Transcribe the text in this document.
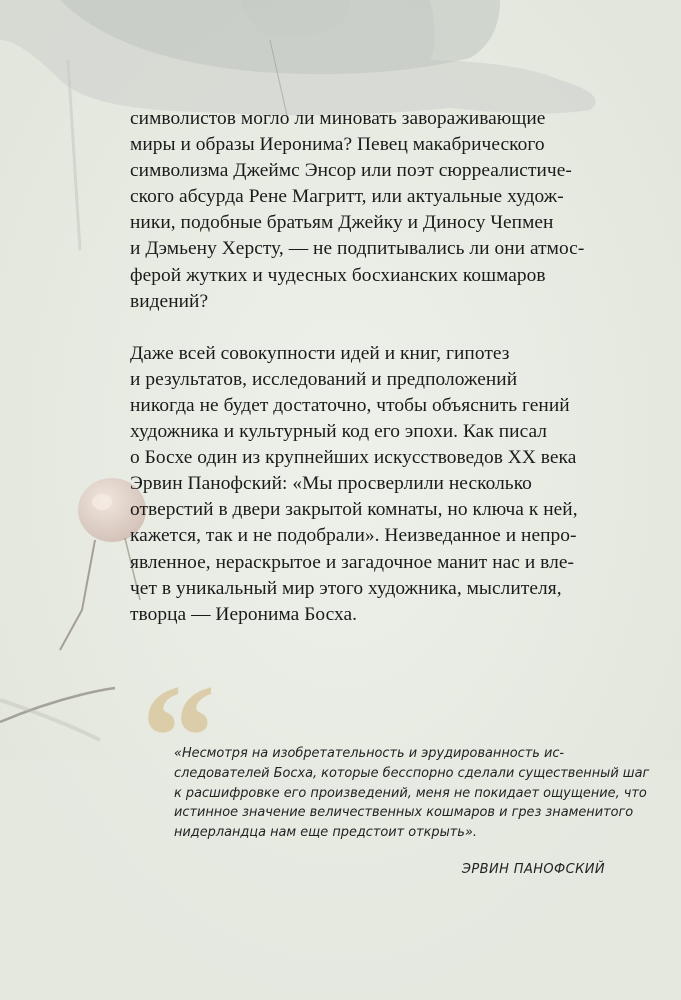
символистов могло ли миновать завораживающие
миры и образы Иеронима? Певец макабрического
символизма Джеймс Энсор или поэт сюрреалистиче-
ского абсурда Рене Магритт, или актуальные худож-
ники, подобные братьям Джейку и Диносу Чепмен
и Дэмьену Херсту, — не подпитывались ли они атмос-
ферой жутких и чудесных босхианских кошмаров
видений?

Даже всей совокупности идей и книг, гипотез
и результатов, исследований и предположений
никогда не будет достаточно, чтобы объяснить гений
художника и культурный код его эпохи. Как писал
о Босхе один из крупнейших искусствоведов XX века
Эрвин Панофский: «Мы просверлили несколько
отверстий в двери закрытой комнаты, но ключа к ней,
кажется, так и не подобрали». Неизведанное и непро-
явленное, нераскрытое и загадочное манит нас и вле-
чет в уникальный мир этого художника, мыслителя,
творца — Иеронима Босха.

“
«Несмотря на изобретательность и эрудированность ис-
следователей Босха, которые бесспорно сделали существенный шаг
к расшифровке его произведений, меня не покидает ощущение, что
истинное значение величественных кошмаров и грез знаменитого
нидерландца нам еще предстоит открыть».
ЭРВИН ПАНОФСКИЙ
